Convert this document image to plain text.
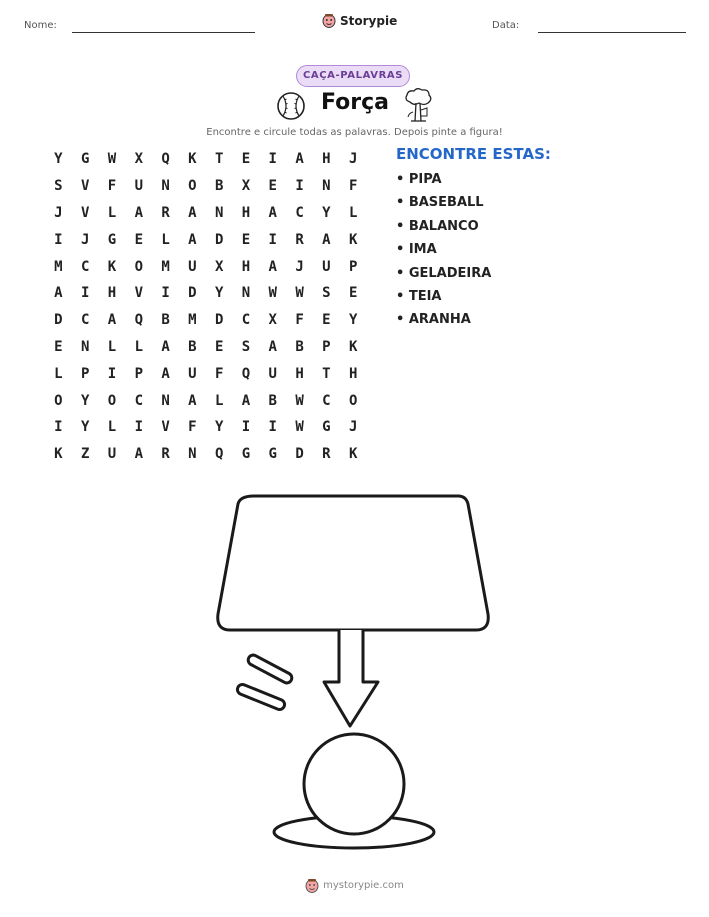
Nome:	Storypie	Data:
CAÇA-PALAVRAS
Força
Encontre e circule todas as palavras. Depois pinte a figura!
Y	G	W	X	Q	K	T	E	I	A	H	J
S	V	F	U	N	O	B	X	E	I	N	F
J	V	L	A	R	A	N	H	A	C	Y	L
I	J	G	E	L	A	D	E	I	R	A	K
M	C	K	O	M	U	X	H	A	J	U	P
A	I	H	V	I	D	Y	N	W	W	S	E
D	C	A	Q	B	M	D	C	X	F	E	Y
E	N	L	L	A	B	E	S	A	B	P	K
L	P	I	P	A	U	F	Q	U	H	T	H
O	Y	O	C	N	A	L	A	B	W	C	O
I	Y	L	I	V	F	Y	I	I	W	G	J
K	Z	U	A	R	N	Q	G	G	D	R	K
ENCONTRE ESTAS:
• PIPA
• BASEBALL
• BALANCO
• IMA
• GELADEIRA
• TEIA
• ARANHA
mystorypie.com
